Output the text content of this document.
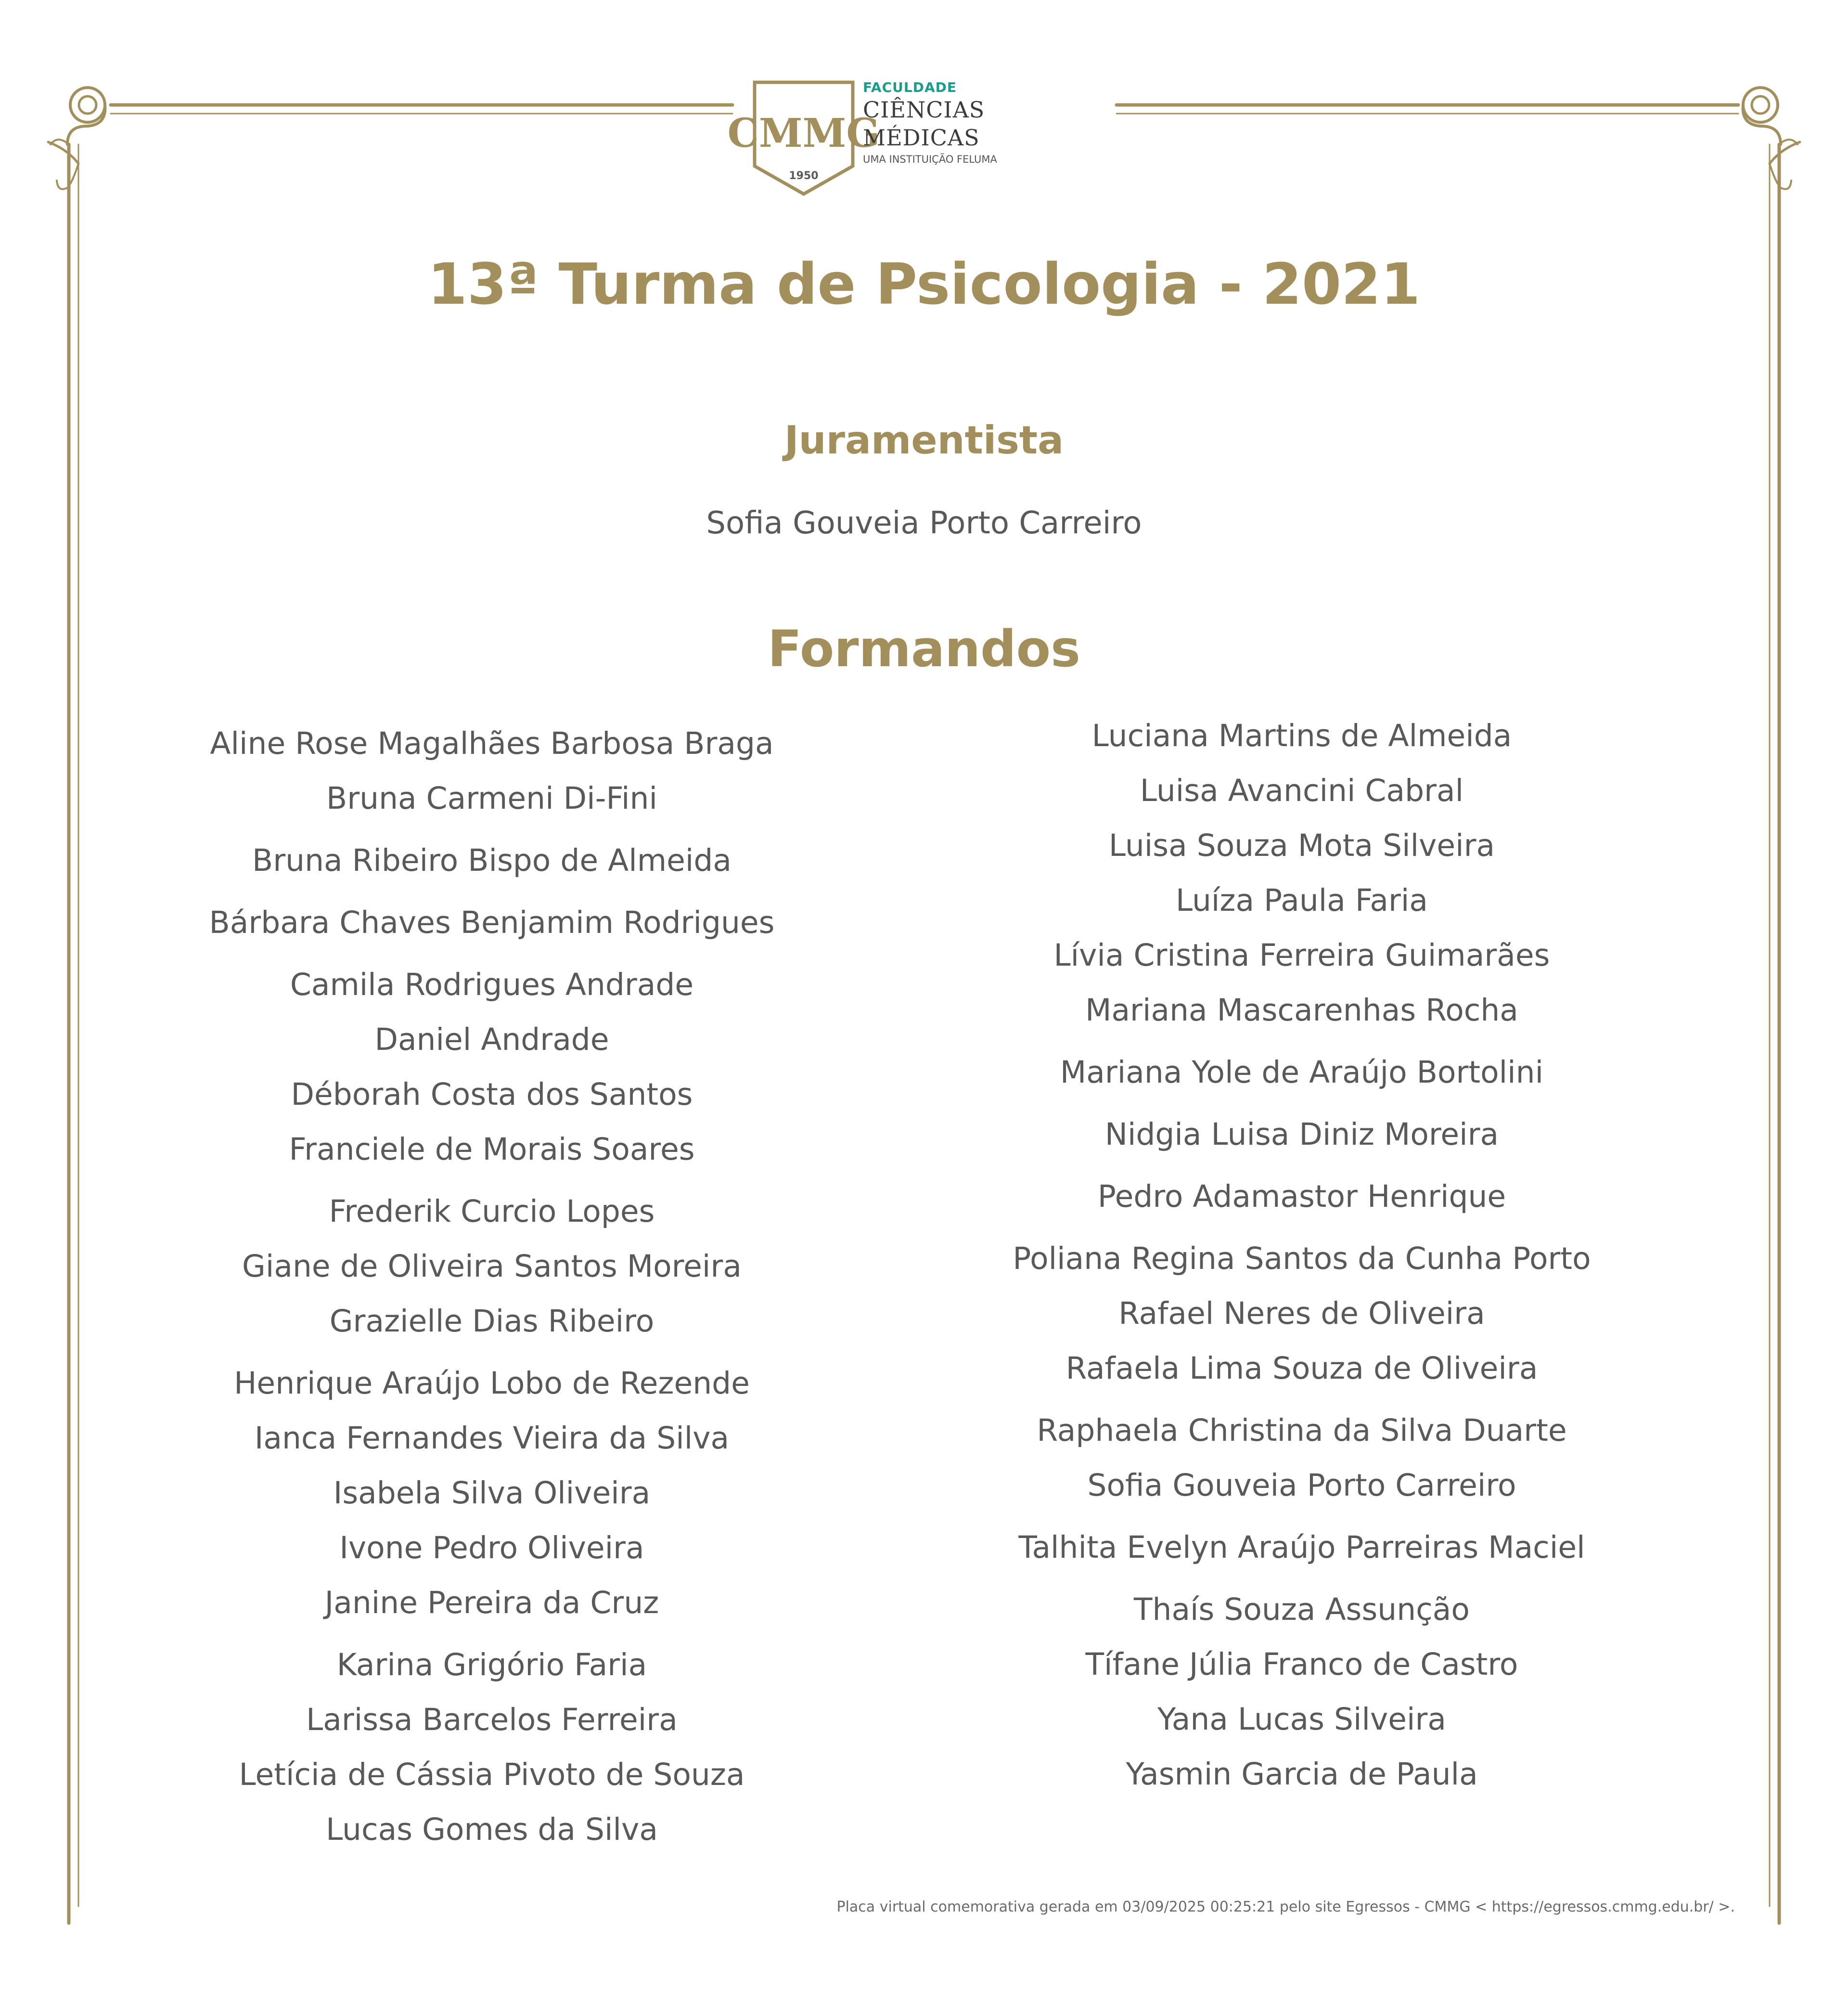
CMMG
1950
FACULDADE
CIÊNCIAS MÉDICAS
UMA INSTITUIÇÃO FELUMA
13ª Turma de Psicologia - 2021
Juramentista
Sofia Gouveia Porto Carreiro
Formandos
Aline Rose Magalhães Barbosa Braga
Bruna Carmeni Di-Fini
Bruna Ribeiro Bispo de Almeida
Bárbara Chaves Benjamim Rodrigues
Camila Rodrigues Andrade
Daniel Andrade
Déborah Costa dos Santos
Franciele de Morais Soares
Frederik Curcio Lopes
Giane de Oliveira Santos Moreira
Grazielle Dias Ribeiro
Henrique Araújo Lobo de Rezende
Ianca Fernandes Vieira da Silva
Isabela Silva Oliveira
Ivone Pedro Oliveira
Janine Pereira da Cruz
Karina Grigório Faria
Larissa Barcelos Ferreira
Letícia de Cássia Pivoto de Souza
Lucas Gomes da Silva
Luciana Martins de Almeida
Luisa Avancini Cabral
Luisa Souza Mota Silveira
Luíza Paula Faria
Lívia Cristina Ferreira Guimarães
Mariana Mascarenhas Rocha
Mariana Yole de Araújo Bortolini
Nidgia Luisa Diniz Moreira
Pedro Adamastor Henrique
Poliana Regina Santos da Cunha Porto
Rafael Neres de Oliveira
Rafaela Lima Souza de Oliveira
Raphaela Christina da Silva Duarte
Sofia Gouveia Porto Carreiro
Talhita Evelyn Araújo Parreiras Maciel
Thaís Souza Assunção
Tífane Júlia Franco de Castro
Yana Lucas Silveira
Yasmin Garcia de Paula
Placa virtual comemorativa gerada em 03/09/2025 00:25:21 pelo site Egressos - CMMG < https://egressos.cmmg.edu.br/ >.
